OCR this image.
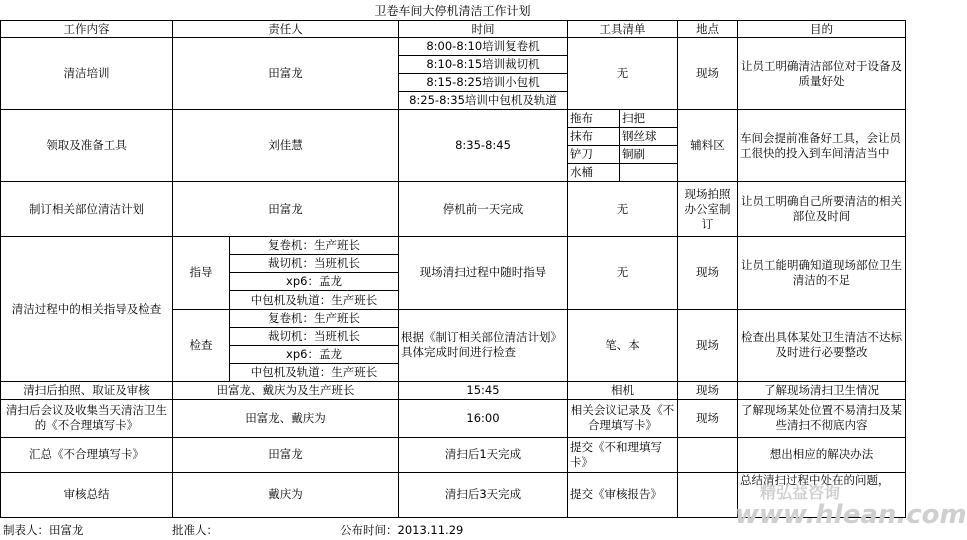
卫卷车间大停机清洁工作计划
工作内容	责任人		时间	工具清单		地点	目的
清洁培训	田富龙		8:00-8:10培训复卷机	无		现场	让员工明确清洁部位对于设备及质量好处
			8:10-8:15培训裁切机				
			8:15-8:25培训小包机				
			8:25-8:35培训中包机及轨道				
领取及准备工具	刘佳慧		8:35-8:45	拖布	扫把	辅料区	车间会提前准备好工具，会让员工很快的投入到车间清洁当中
				抹布	钢丝球		
				铲刀	铜刷		
				水桶			
制订相关部位清洁计划	田富龙		停机前一天完成	无		现场拍照办公室制订	让员工明确自己所要清洁的相关部位及时间
清洁过程中的相关指导及检查	指导	复卷机：生产班长	现场清扫过程中随时指导	无		现场	让员工能明确知道现场部位卫生清洁的不足
		裁切机：当班机长					
		xp6：孟龙					
		中包机及轨道：生产班长					
	检查	复卷机：生产班长	根据《制订相关部位清洁计划》具体完成时间进行检查	笔、本		现场	检查出具体某处卫生清洁不达标及时进行必要整改
		裁切机：当班机长					
		xp6：孟龙					
		中包机及轨道：生产班长					
清扫后拍照、取证及审核	田富龙、戴庆为及生产班长		15:45	相机		现场	了解现场清扫卫生情况
清扫后会议及收集当天清洁卫生的《不合理填写卡》	田富龙、戴庆为		16:00	相关会议记录及《不合理填写卡》		现场	了解现场某处位置不易清扫及某些清扫不彻底内容
汇总《不合理填写卡》	田富龙		清扫后1天完成	提交《不和理填写卡》			想出相应的解决办法
审核总结	戴庆为		清扫后3天完成	提交《审核报告》			总结清扫过程中处在的问题，
制表人：田富龙	批准人：	公布时间：2013.11.29
精弘益咨询
www.hlean.com
